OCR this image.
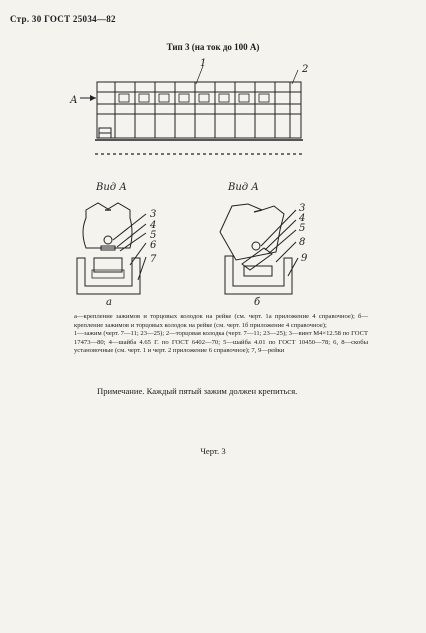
Стр. 30 ГОСТ 25034—82
Тип 3 (на ток до 100 А)
А
1
2
Вид А
3
4
5
6
7
а
Вид А
3
4
5
8
9
б

а—крепление зажимов и торцовых колодок на рейке (см. черт. 1а приложение 4 справочное); б—крепление зажимов и торцовых колодок на рейке (см. черт. 1б приложение 4 справочное);

1—зажим (черт. 7—11; 23—25); 2—торцовая колодка (черт. 7—11; 23—25); 3—винт М4×12.58 по ГОСТ 17473—80; 4—шайба 4.65 Г. по ГОСТ 6402—70; 5—шайба 4.01 по ГОСТ 10450—78; 6, 8—скобы установочные (см. черт. 1 и черт. 2 приложение 6 справочное); 7, 9—рейки

Примечание. Каждый пятый зажим должен крепиться.
Черт. 3
